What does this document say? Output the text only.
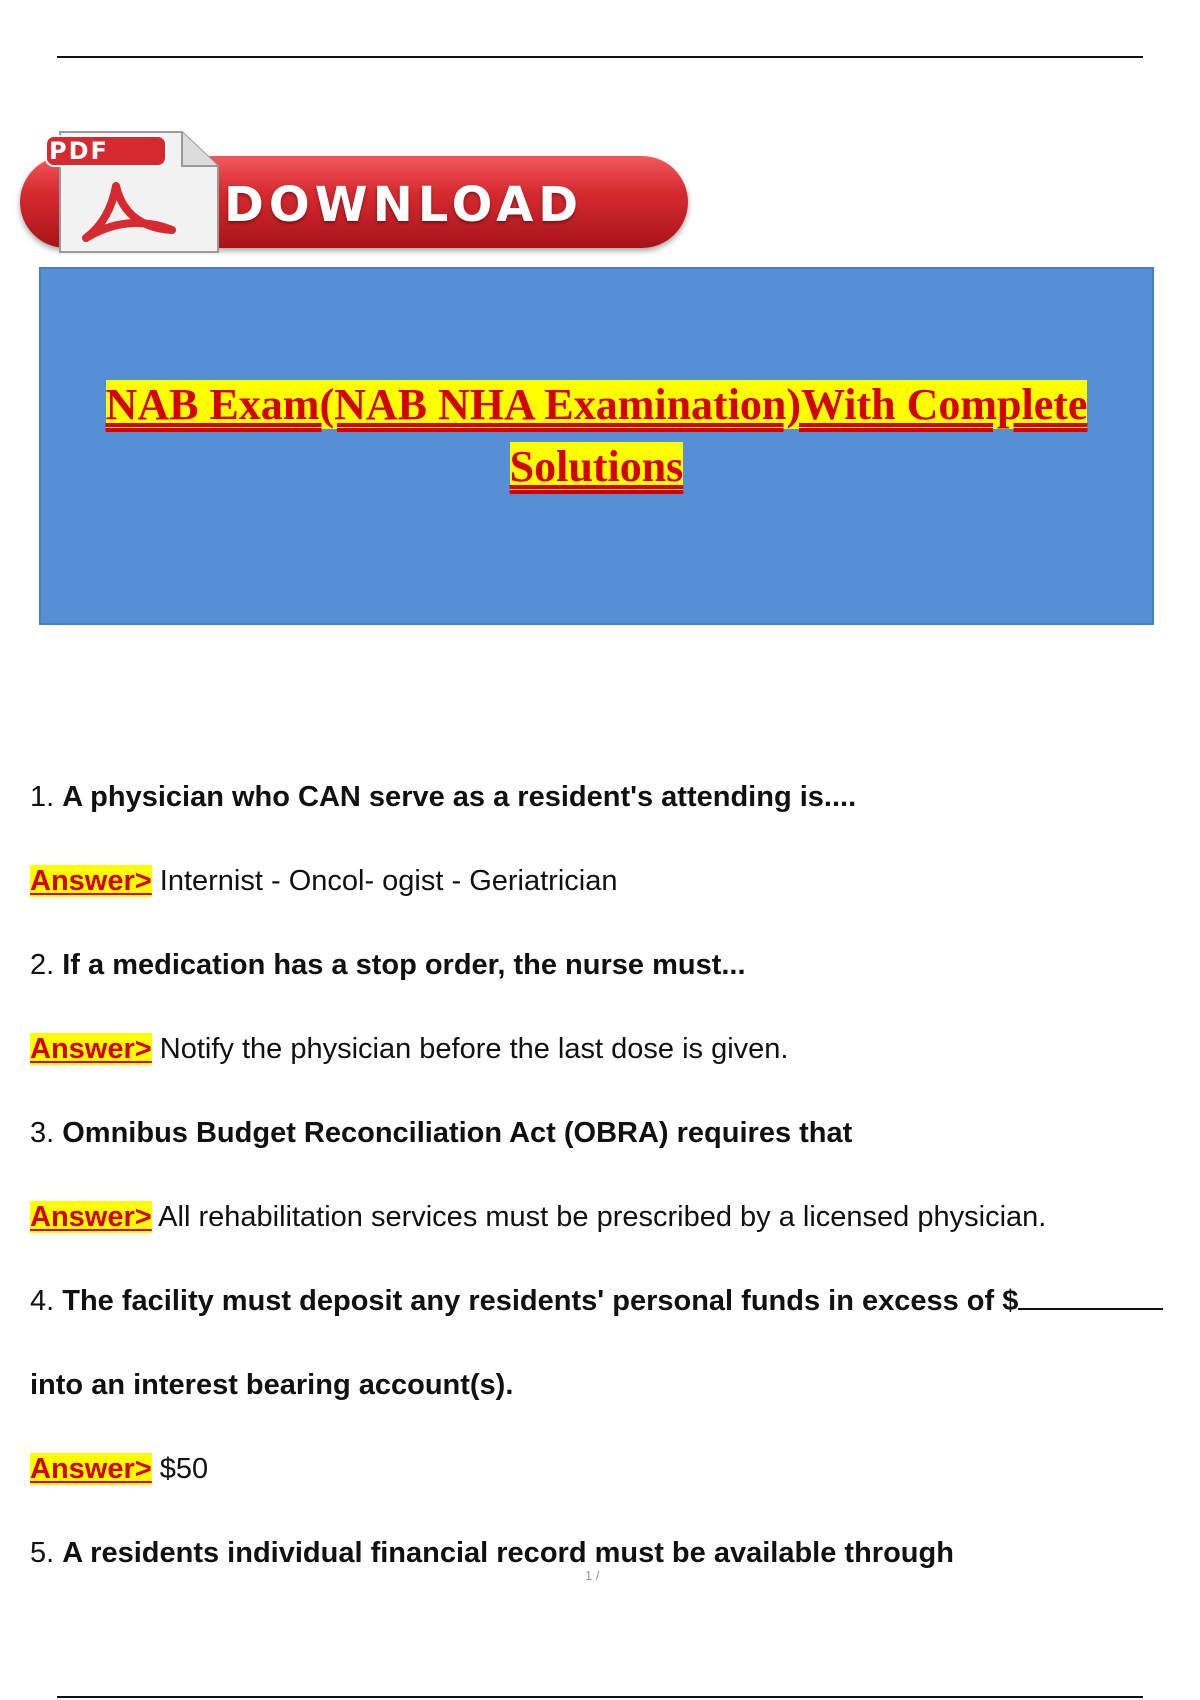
DOWNLOAD
PDF
NAB Exam(NAB NHA Examination)With Complete
Solutions
1. A physician who CAN serve as a resident's attending is....
Answer> Internist - Oncol- ogist - Geriatrician
2. If a medication has a stop order, the nurse must...
Answer> Notify the physician before the last dose is given.
3. Omnibus Budget Reconciliation Act (OBRA) requires that
Answer> All rehabilitation services must be prescribed by a licensed physician.
4. The facility must deposit any residents' personal funds in excess of $
into an interest bearing account(s).
Answer> $50
5. A residents individual financial record must be available through
1 /
